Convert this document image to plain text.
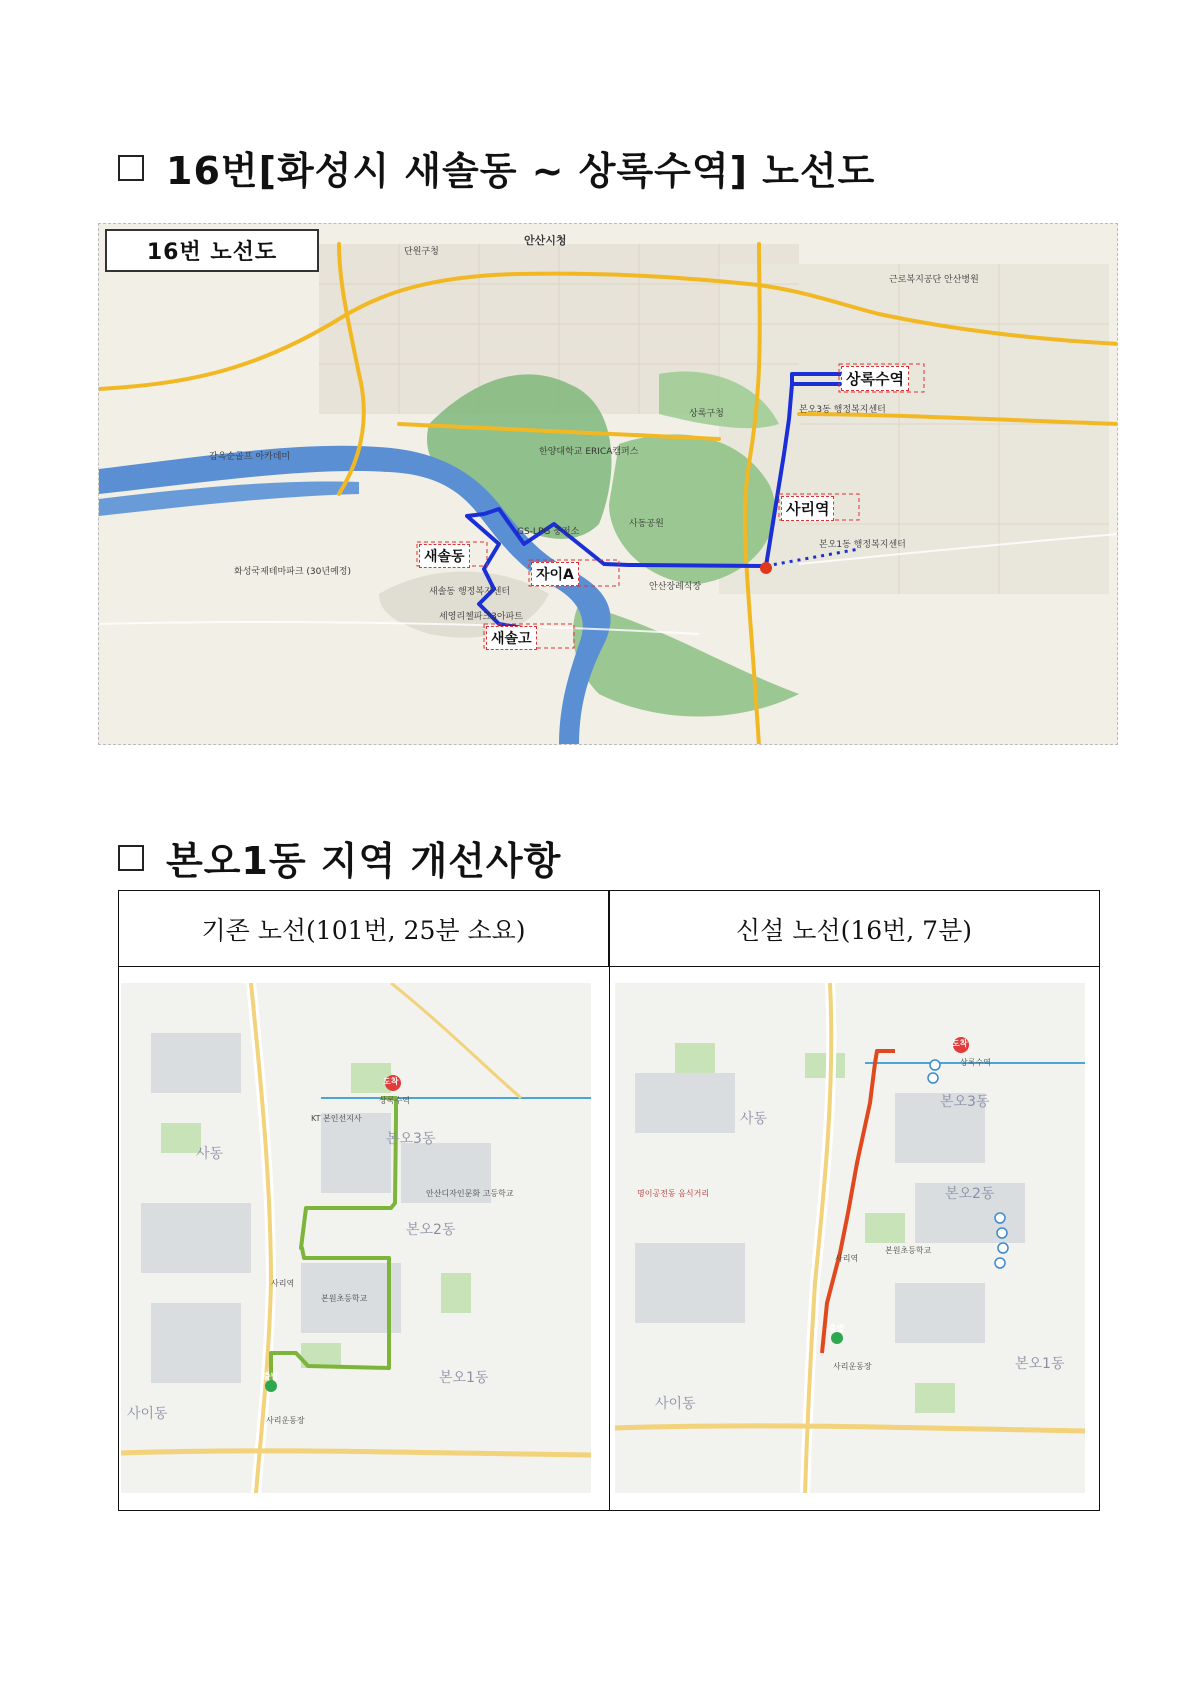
16번[화성시 새솔동 ~ 상록수역] 노선도
16번 노선도
상록수역
사리역
새솔동
자이A
새솔고
안산시청
단원구청
상록구청
한양대학교 ERICA캠퍼스
새솔동 행정복지센터
화성국제테마파크 (30년예정)
근로복지공단 안산병원
세영리첼파크3아파트
본오3동 행정복지센터
본오1동 행정복지센터
안산장례식장
사동공원
GS-LPG 충전소
감옥순골프 아카데미
본오1동 지역 개선사항
기존 노선(101번, 25분 소요)	신설 노선(16번, 7분)
도착
상록수역
출발
사리역
사이동
본오2동
본오3동
본오1동
사동
안산디자인문화 고등학교
본원초등학교
사리운동장
KT 본인선지사
도착
상록수역
출발
사리역
사이동
본오2동
본오3동
본오1동
사동
명이공전동 음식거리
사리운동장
본원초등학교
